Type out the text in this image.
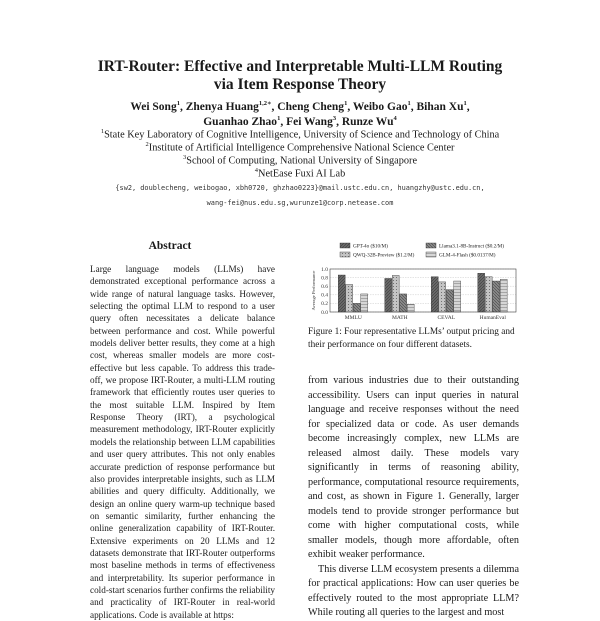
IRT-Router: Effective and Interpretable Multi-LLM Routing
via Item Response Theory
Wei Song$^1$, Zhenya Huang$^{1,2∗}$, Cheng Cheng$^1$, Weibo Gao$^1$, Bihan Xu$^1$,
Guanhao Zhao$^1$, Fei Wang$^3$, Runze Wu$^4$
$^1$State Key Laboratory of Cognitive Intelligence, University of Science and Technology of China
$^2$Institute of Artificial Intelligence Comprehensive National Science Center
$^3$School of Computing, National University of Singapore
$^4$NetEase Fuxi AI Lab
{sw2, doublecheng, weibogao, xbh0720, ghzhao0223}@mail.ustc.edu.cn, huangzhy@ustc.edu.cn,
wang-fei@nus.edu.sg,wurunze1@corp.netease.com
Abstract

Large language models (LLMs) have demonstrated exceptional performance across a wide range of natural language tasks. However, selecting the optimal LLM to respond to a user query often necessitates a delicate balance between performance and cost. While powerful models deliver better results, they come at a high cost, whereas smaller models are more cost-effective but less capable. To address this trade-off, we propose IRT-Router, a multi-LLM routing framework that efficiently routes user queries to the most suitable LLM. Inspired by Item Response Theory (IRT), a psychological measurement methodology, IRT-Router explicitly models the relationship between LLM capabilities and user query attributes. This not only enables accurate prediction of response performance but also provides interpretable insights, such as LLM abilities and query difficulty. Additionally, we design an online query warm-up technique based on semantic similarity, further enhancing the online generalization capability of IRT-Router. Extensive experiments on 20 LLMs and 12 datasets demonstrate that IRT-Router outperforms most baseline methods in terms of effectiveness and interpretability. Its superior performance in cold-start scenarios further confirms the reliability and practicality of IRT-Router in real-world applications. Code is available at https:

GPT-4o ($10/M)
QWQ-32B-Preview ($1.2/M)
Llama3.1-8B-Instruct ($0.2/M)
GLM-4-Flash ($0.0137/M)
0.0
0.2
0.4
0.6
0.8
1.0
MMLU	MATH	CEVAL	HumanEval
Average Performance

Figure 1: Four representative LLMs’ output pricing and their performance on four different datasets.

from various industries due to their outstanding accessibility. Users can input queries in natural language and receive responses without the need for specialized data or code. As user demands become increasingly complex, new LLMs are released almost daily. These models vary significantly in terms of reasoning ability, performance, computational resource requirements, and cost, as shown in Figure 1. Generally, larger models tend to provide stronger performance but come with higher computational costs, while smaller models, though more affordable, often exhibit weaker performance.

This diverse LLM ecosystem presents a dilemma for practical applications: How can user queries be effectively routed to the most appropriate LLM? While routing all queries to the largest and most
